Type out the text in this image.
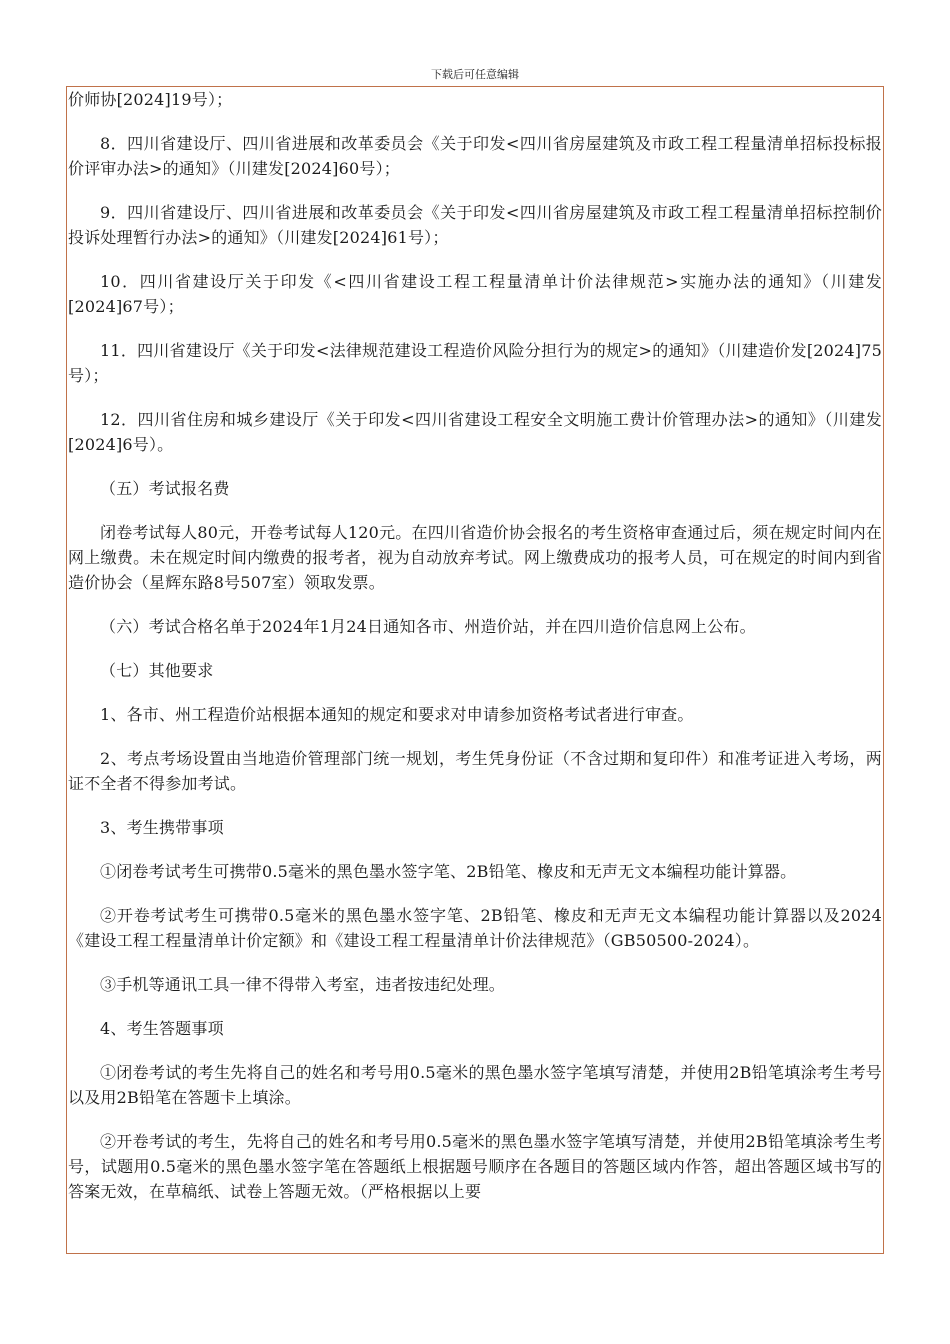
下载后可任意编辑

价师协[2024]19号）；

8．四川省建设厅、四川省进展和改革委员会《关于印发<四川省房屋建筑及市政工程工程量清单招标投标报价评审办法>的通知》（川建发[2024]60号）；

9．四川省建设厅、四川省进展和改革委员会《关于印发<四川省房屋建筑及市政工程工程量清单招标控制价投诉处理暂行办法>的通知》（川建发[2024]61号）；

10．四川省建设厅关于印发《<四川省建设工程工程量清单计价法律规范>实施办法的通知》（川建发[2024]67号）；

11．四川省建设厅《关于印发<法律规范建设工程造价风险分担行为的规定>的通知》（川建造价发[2024]75号）；

12．四川省住房和城乡建设厅《关于印发<四川省建设工程安全文明施工费计价管理办法>的通知》（川建发[2024]6号）。

（五）考试报名费

闭卷考试每人80元，开卷考试每人120元。在四川省造价协会报名的考生资格审查通过后，须在规定时间内在网上缴费。未在规定时间内缴费的报考者，视为自动放弃考试。网上缴费成功的报考人员，可在规定的时间内到省造价协会（星辉东路8号507室）领取发票。

（六）考试合格名单于2024年1月24日通知各市、州造价站，并在四川造价信息网上公布。

（七）其他要求

1、各市、州工程造价站根据本通知的规定和要求对申请参加资格考试者进行审查。

2、考点考场设置由当地造价管理部门统一规划，考生凭身份证（不含过期和复印件）和准考证进入考场，两证不全者不得参加考试。

3、考生携带事项

①闭卷考试考生可携带0.5毫米的黑色墨水签字笔、2B铅笔、橡皮和无声无文本编程功能计算器。

②开卷考试考生可携带0.5毫米的黑色墨水签字笔、2B铅笔、橡皮和无声无文本编程功能计算器以及2024《建设工程工程量清单计价定额》和《建设工程工程量清单计价法律规范》（GB50500-2024）。

③手机等通讯工具一律不得带入考室，违者按违纪处理。

4、考生答题事项

①闭卷考试的考生先将自己的姓名和考号用0.5毫米的黑色墨水签字笔填写清楚，并使用2B铅笔填涂考生考号以及用2B铅笔在答题卡上填涂。

②开卷考试的考生，先将自己的姓名和考号用0.5毫米的黑色墨水签字笔填写清楚，并使用2B铅笔填涂考生考号，试题用0.5毫米的黑色墨水签字笔在答题纸上根据题号顺序在各题目的答题区域内作答，超出答题区域书写的答案无效，在草稿纸、试卷上答题无效。（严格根据以上要
